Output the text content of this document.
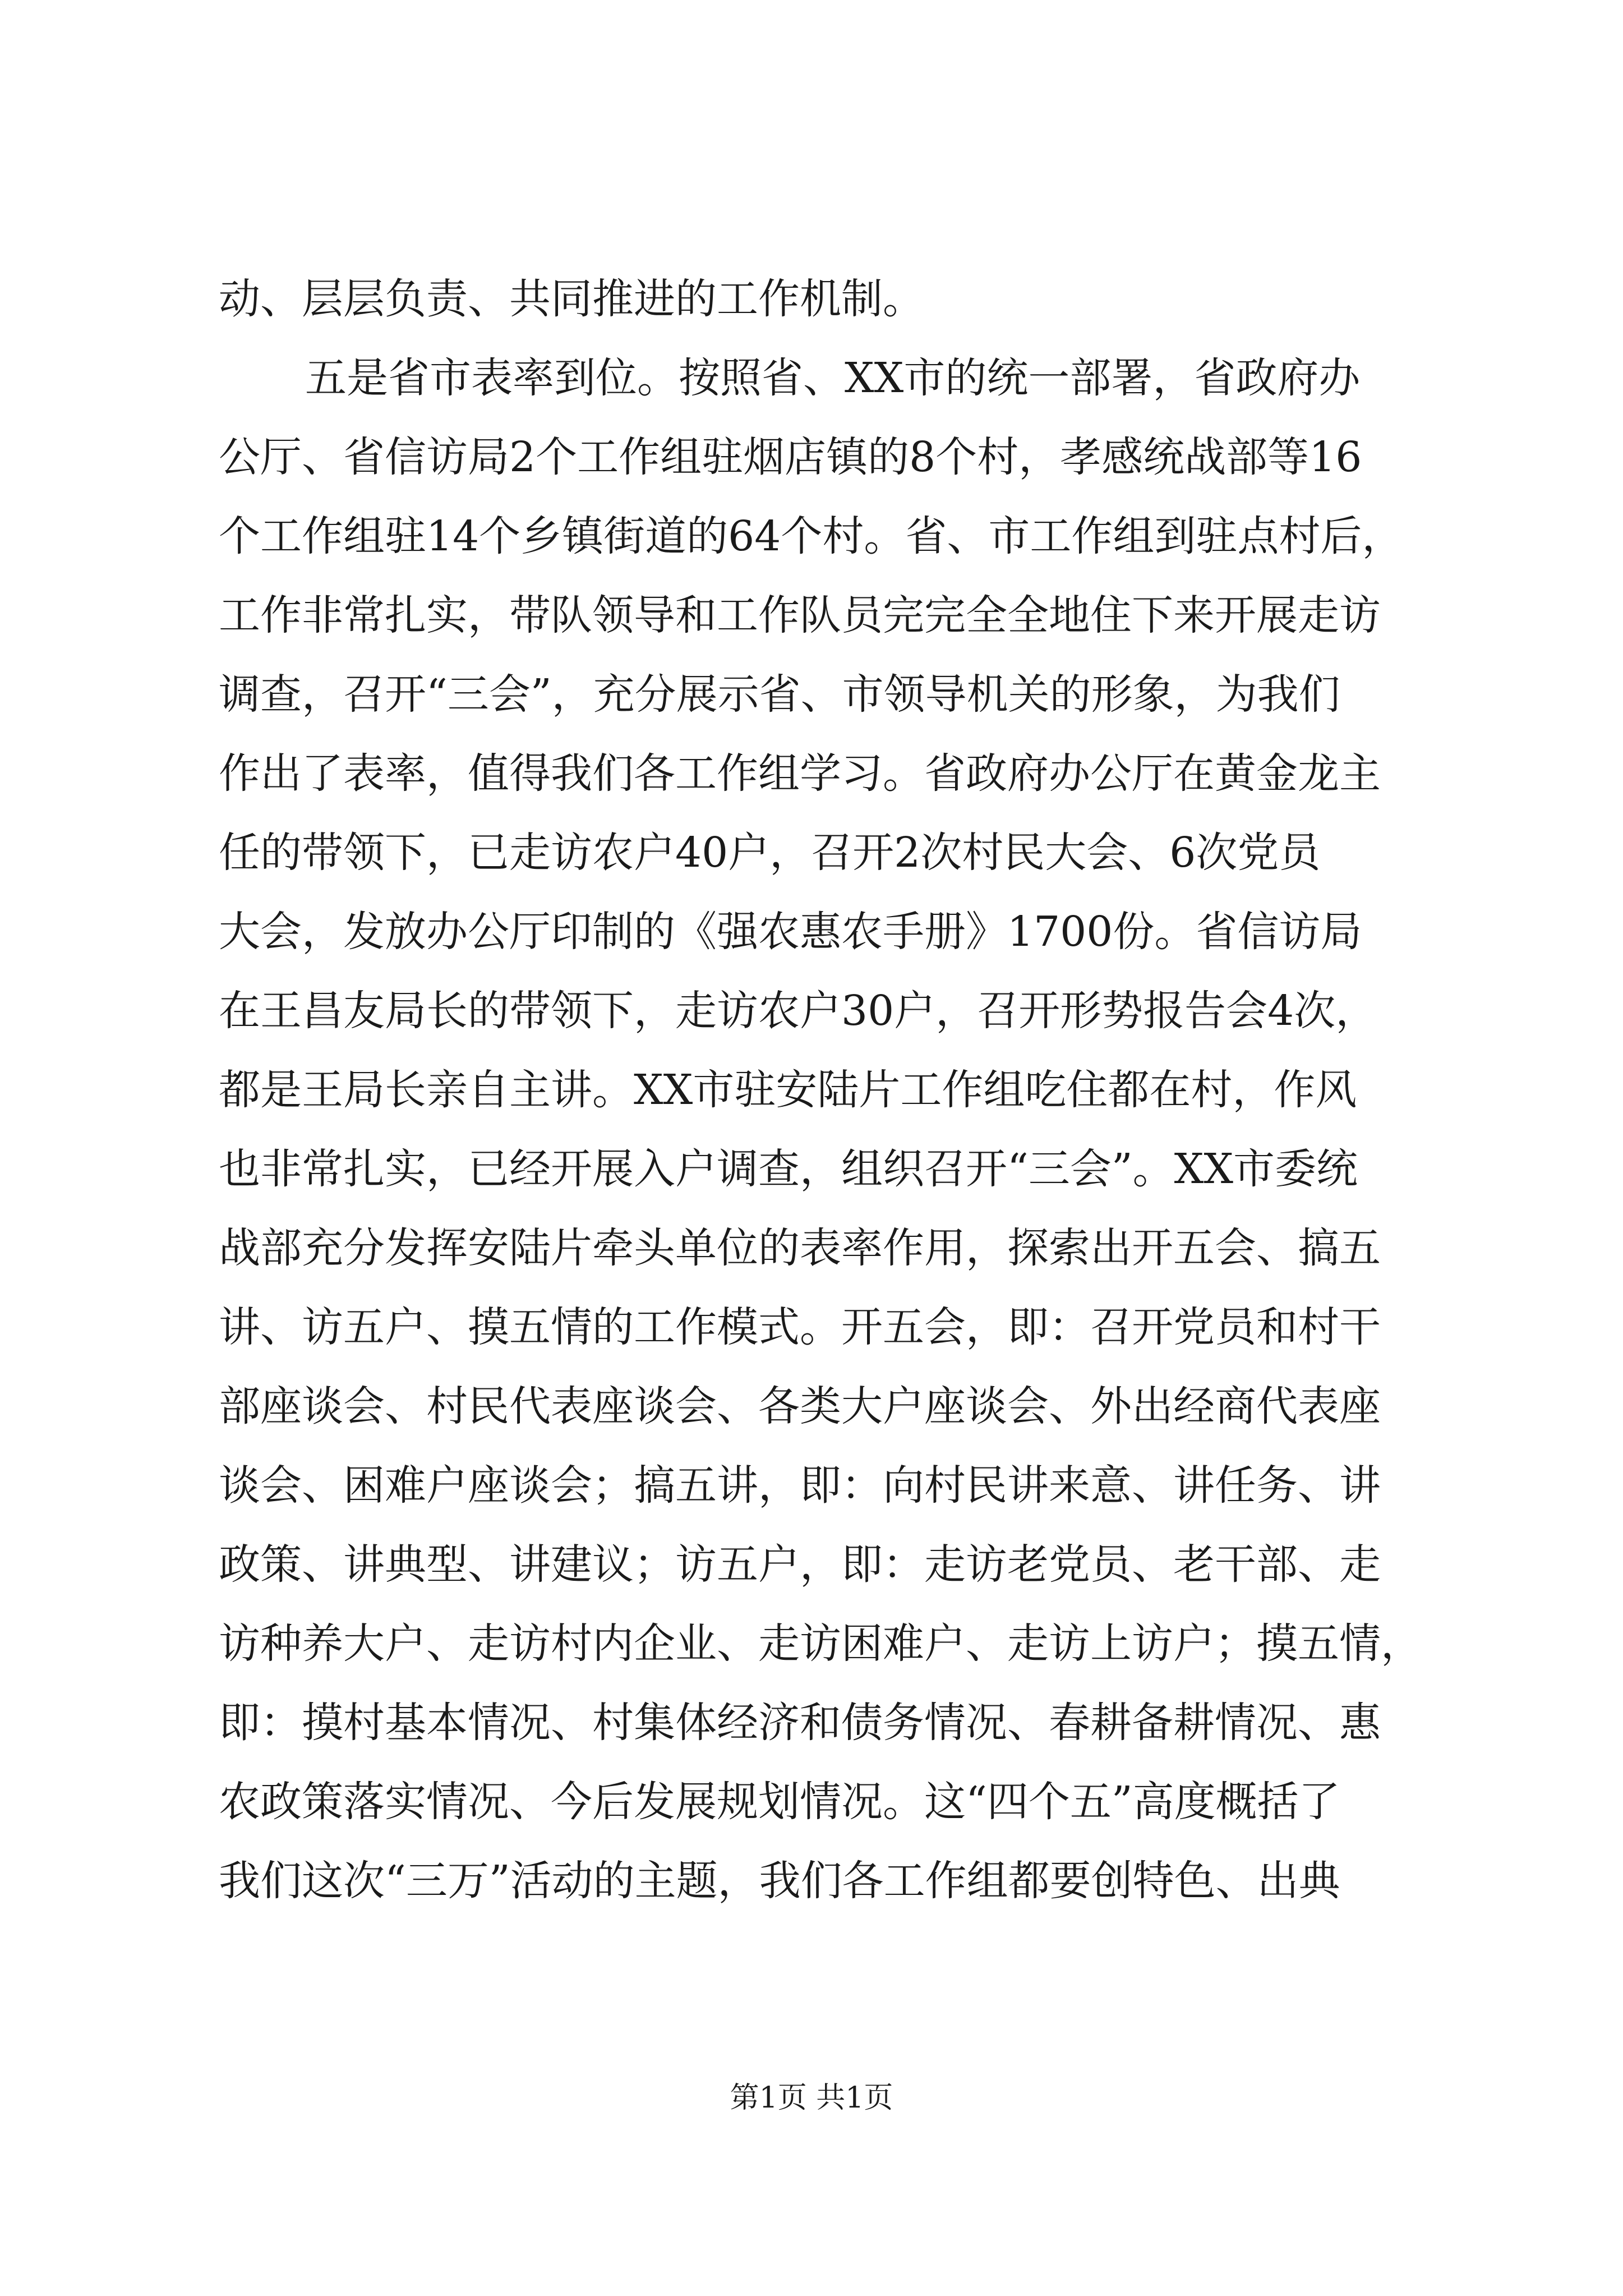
动、层层负责、共同推进的工作机制。
五是省市表率到位。按照省、XX市的统一部署，省政府办
公厅、省信访局2个工作组驻烟店镇的8个村，孝感统战部等16
个工作组驻14个乡镇街道的64个村。省、市工作组到驻点村后，
工作非常扎实，带队领导和工作队员完完全全地住下来开展走访
调查，召开“三会”，充分展示省、市领导机关的形象，为我们
作出了表率，值得我们各工作组学习。省政府办公厅在黄金龙主
任的带领下，已走访农户40户，召开2次村民大会、6次党员
大会，发放办公厅印制的《强农惠农手册》1700份。省信访局
在王昌友局长的带领下，走访农户30户，召开形势报告会4次，
都是王局长亲自主讲。XX市驻安陆片工作组吃住都在村，作风
也非常扎实，已经开展入户调查，组织召开“三会”。XX市委统
战部充分发挥安陆片牵头单位的表率作用，探索出开五会、搞五
讲、访五户、摸五情的工作模式。开五会，即：召开党员和村干
部座谈会、村民代表座谈会、各类大户座谈会、外出经商代表座
谈会、困难户座谈会；搞五讲，即：向村民讲来意、讲任务、讲
政策、讲典型、讲建议；访五户，即：走访老党员、老干部、走
访种养大户、走访村内企业、走访困难户、走访上访户；摸五情，
即：摸村基本情况、村集体经济和债务情况、春耕备耕情况、惠
农政策落实情况、今后发展规划情况。这“四个五”高度概括了
我们这次“三万”活动的主题，我们各工作组都要创特色、出典
第1页 共1页
